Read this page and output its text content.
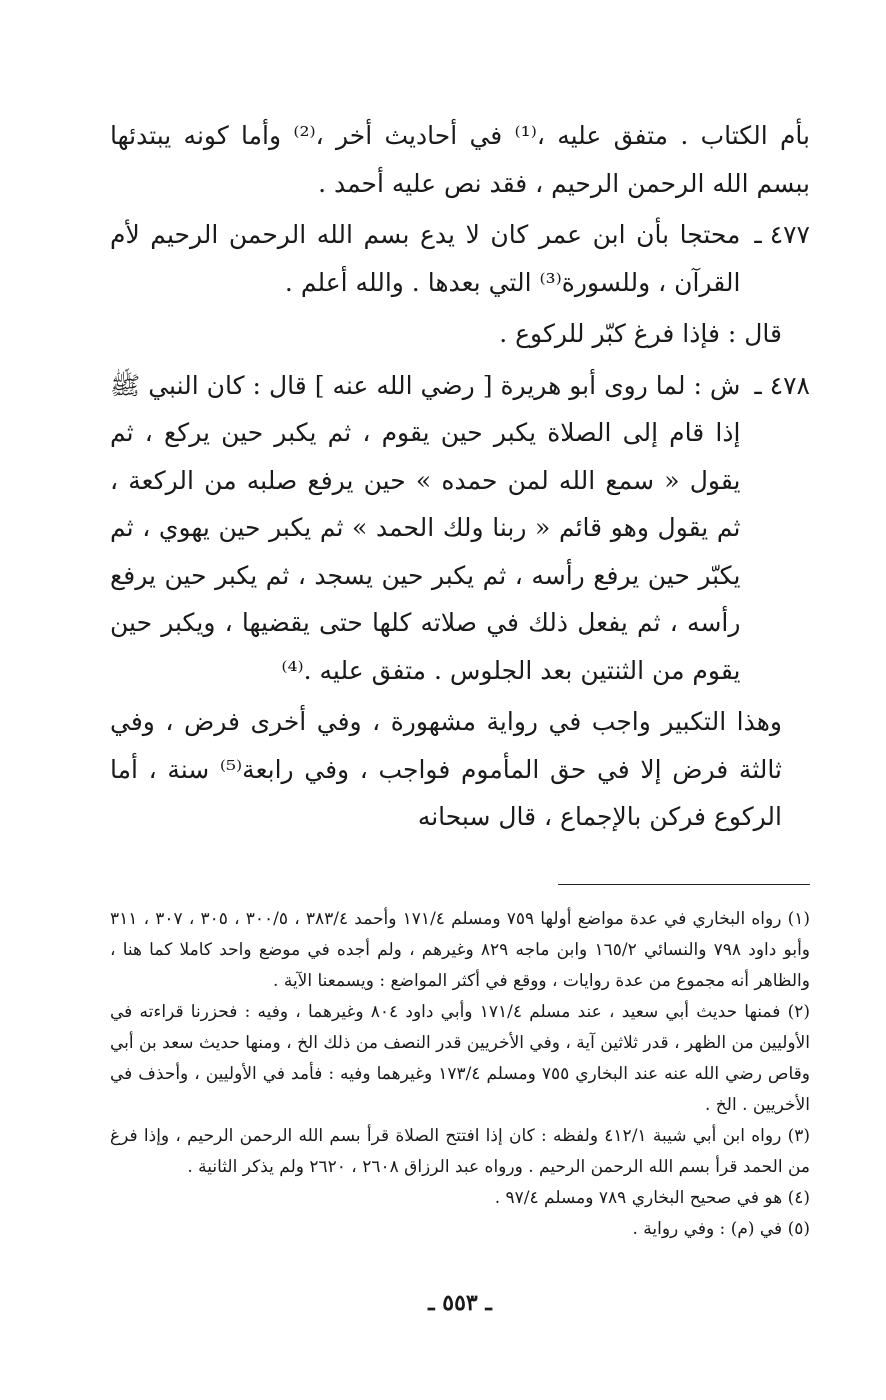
بأم الكتاب . متفق عليه ،⁽¹⁾ في أحاديث أخر ،⁽²⁾ وأما كونه يبتدئها ببسم الله الرحمن الرحيم ، فقد نص عليه أحمد .

٤٧٧ ـ

محتجا بأن ابن عمر كان لا يدع بسم الله الرحمن الرحيم لأم القرآن ، وللسورة⁽³⁾ التي بعدها . والله أعلم .

قال : فإذا فرغ كبّر للركوع .

٤٧٨ ـ

ش : لما روى أبو هريرة [ رضي الله عنه ] قال : كان النبي ﷺ إذا قام إلى الصلاة يكبر حين يقوم ، ثم يكبر حين يركع ، ثم يقول « سمع الله لمن حمده » حين يرفع صلبه من الركعة ، ثم يقول وهو قائم « ربنا ولك الحمد » ثم يكبر حين يهوي ، ثم يكبّر حين يرفع رأسه ، ثم يكبر حين يسجد ، ثم يكبر حين يرفع رأسه ، ثم يفعل ذلك في صلاته كلها حتى يقضيها ، ويكبر حين يقوم من الثنتين بعد الجلوس . متفق عليه .⁽⁴⁾

وهذا التكبير واجب في رواية مشهورة ، وفي أخرى فرض ، وفي ثالثة فرض إلا في حق المأموم فواجب ، وفي رابعة⁽⁵⁾ سنة ، أما الركوع فركن بالإجماع ، قال سبحانه

(١) رواه البخاري في عدة مواضع أولها ٧٥٩ ومسلم ١٧١/٤ وأحمد ٣٨٣/٤ ، ٣٠٠/٥ ، ٣٠٥ ، ٣٠٧ ، ٣١١ وأبو داود ٧٩٨ والنسائي ١٦٥/٢ وابن ماجه ٨٢٩ وغيرهم ، ولم أجده في موضع واحد كاملا كما هنا ، والظاهر أنه مجموع من عدة روايات ، ووقع في أكثر المواضع : ويسمعنا الآية .

(٢) فمنها حديث أبي سعيد ، عند مسلم ١٧١/٤ وأبي داود ٨٠٤ وغيرهما ، وفيه : فحزرنا قراءته في الأوليين من الظهر ، قدر ثلاثين آية ، وفي الأخريين قدر النصف من ذلك الخ ، ومنها حديث سعد بن أبي وقاص رضي الله عنه عند البخاري ٧٥٥ ومسلم ١٧٣/٤ وغيرهما وفيه : فأمد في الأوليين ، وأحذف في الأخريين . الخ .

(٣) رواه ابن أبي شيبة ٤١٢/١ ولفظه : كان إذا افتتح الصلاة قرأ بسم الله الرحمن الرحيم ، وإذا فرغ من الحمد قرأ بسم الله الرحمن الرحيم . ورواه عبد الرزاق ٢٦٠٨ ، ٢٦٢٠ ولم يذكر الثانية .

(٤) هو في صحيح البخاري ٧٨٩ ومسلم ٩٧/٤ .

(٥) في (م) : وفي رواية .

ـ ٥٥٣ ـ
